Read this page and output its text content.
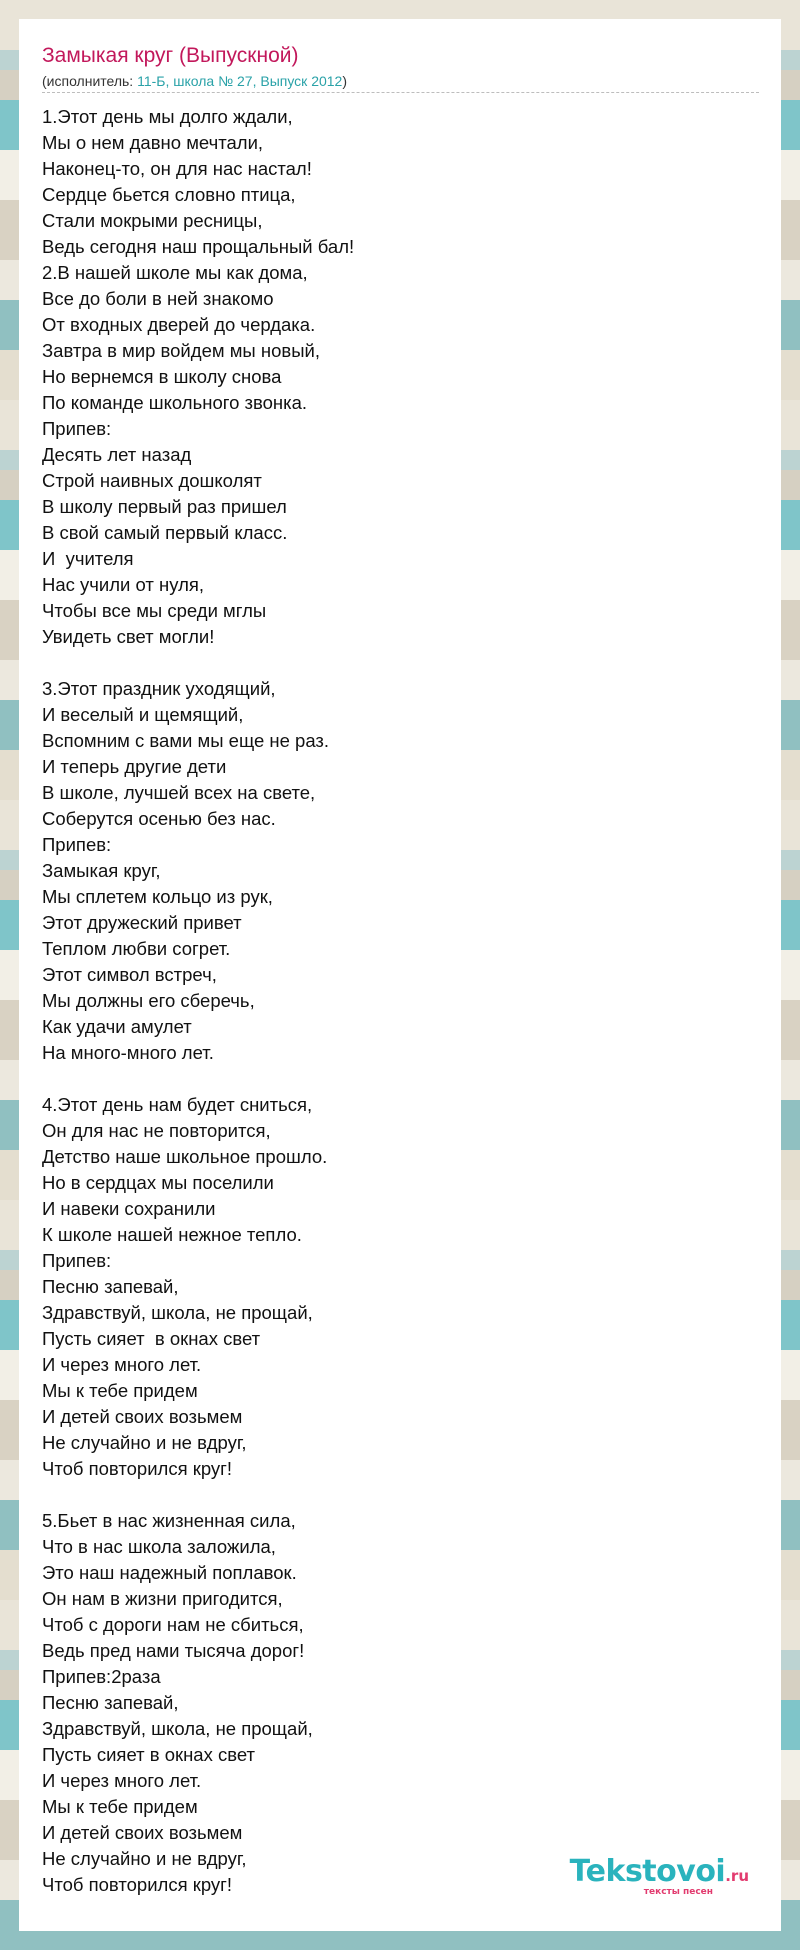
Замыкая круг (Выпускной)
(исполнитель: 11-Б, школа № 27, Выпуск 2012)
1.Этот день мы долго ждали,
Мы о нем давно мечтали,
Наконец-то, он для нас настал!
Сердце бьется словно птица,
Стали мокрыми ресницы,
Ведь сегодня наш прощальный бал!
2.В нашей школе мы как дома,
Все до боли в ней знакомо
От входных дверей до чердака.
Завтра в мир войдем мы новый,
Но вернемся в школу снова
По команде школьного звонка.
Припев:
Десять лет назад
Строй наивных дошколят
В школу первый раз пришел
В свой самый первый класс.
И  учителя
Нас учили от нуля,
Чтобы все мы среди мглы
Увидеть свет могли!

3.Этот праздник уходящий,
И веселый и щемящий,
Вспомним с вами мы еще не раз.
И теперь другие дети
В школе, лучшей всех на свете,
Соберутся осенью без нас.
Припев:
Замыкая круг,
Мы сплетем кольцо из рук,
Этот дружеский привет
Теплом любви согрет.
Этот символ встреч,
Мы должны его сберечь,
Как удачи амулет
На много-много лет.

4.Этот день нам будет сниться,
Он для нас не повторится,
Детство наше школьное прошло.
Но в сердцах мы поселили
И навеки сохранили
К школе нашей нежное тепло.
Припев:
Песню запевай,
Здравствуй, школа, не прощай,
Пусть сияет  в окнах свет
И через много лет.
Мы к тебе придем
И детей своих возьмем
Не случайно и не вдруг,
Чтоб повторился круг!

5.Бьет в нас жизненная сила,
Что в нас школа заложила,
Это наш надежный поплавок.
Он нам в жизни пригодится,
Чтоб с дороги нам не сбиться,
Ведь пред нами тысяча дорог!
Припев:2раза
Песню запевай,
Здравствуй, школа, не прощай,
Пусть сияет в окнах свет
И через много лет.
Мы к тебе придем
И детей своих возьмем
Не случайно и не вдруг,
Чтоб повторился круг!	Tekstovoi.ru
тексты песен
